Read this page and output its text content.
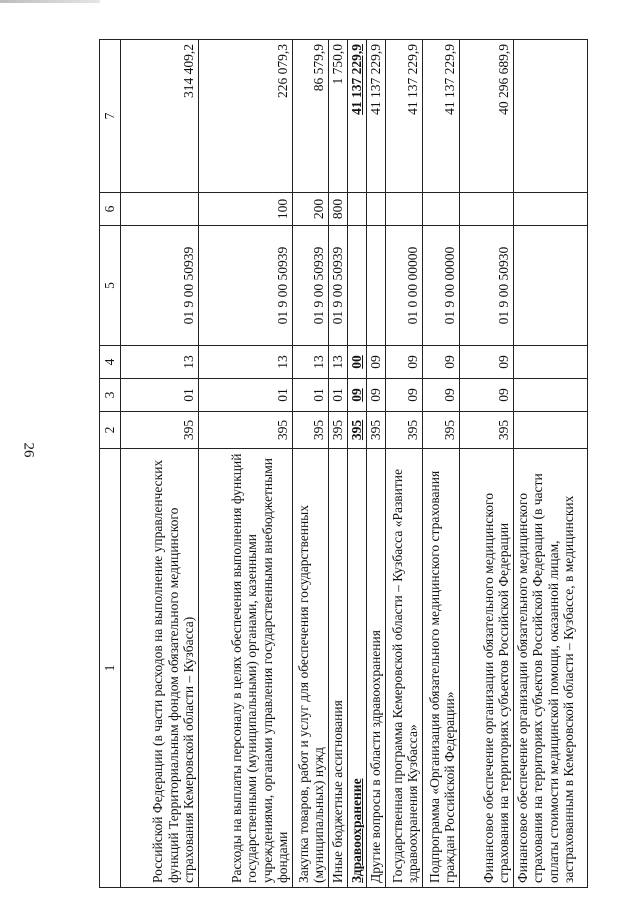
26
1	2	3	4	5	6	7
Российской Федерации (в части расходов на выполнение управленческих функций Территориальным фондом обязательного медицинского страхования Кемеровской области – Кузбасса)	395	01	13	01 9 00 50939		314 409,2
Расходы на выплаты персоналу в целях обеспечения выполнения функций государственными (муниципальными) органами, казенными учреждениями, органами управления государственными внебюджетными фондами	395	01	13	01 9 00 50939	100	226 079,3
Закупка товаров, работ и услуг для обеспечения государственных (муниципальных) нужд	395	01	13	01 9 00 50939	200	86 579,9
Иные бюджетные ассигнования	395	01	13	01 9 00 50939	800	1 750,0
Здравоохранение	395	09	00			41 137 229,9
Другие вопросы в области здравоохранения	395	09	09			41 137 229,9
Государственная программа Кемеровской области – Кузбасса «Развитие здравоохранения Кузбасса»	395	09	09	01 0 00 00000		41 137 229,9
Подпрограмма «Организация обязательного медицинского страхования граждан Российской Федерации»	395	09	09	01 9 00 00000		41 137 229,9
Финансовое обеспечение организации обязательного медицинского страхования на территориях субъектов Российской Федерации	395	09	09	01 9 00 50930		40 296 689,9
Финансовое обеспечение организации обязательного медицинского страхования на территориях субъектов Российской Федерации (в части оплаты стоимости медицинской помощи, оказанной лицам, застрахованным в Кемеровской области – Кузбассе, в медицинских						
